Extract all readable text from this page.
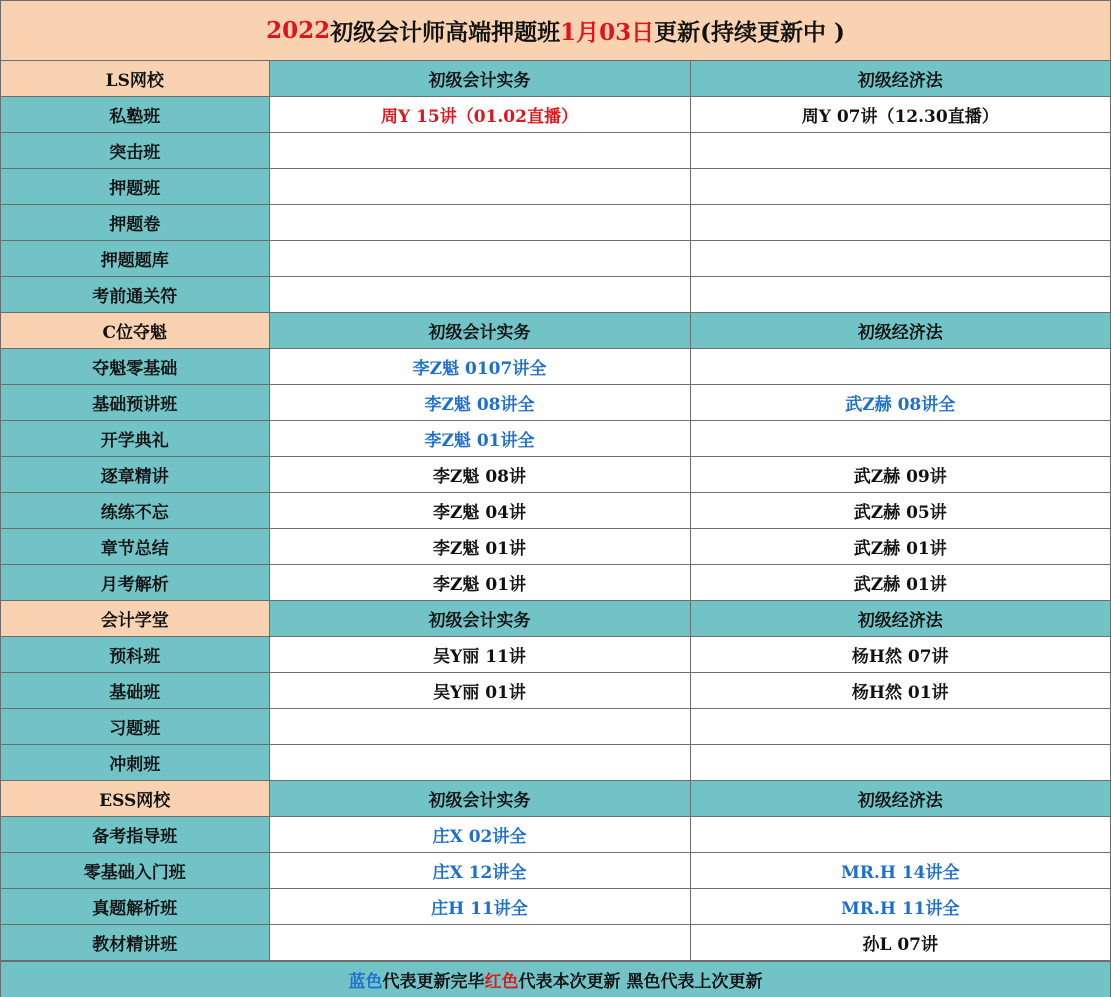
2022 初级会计师高端押题班 1月03日 更新(持续更新中 )
LS网校	初级会计实务	初级经济法
私塾班	周Y 15讲（01.02直播）	周Y 07讲（12.30直播）
突击班		
押题班		
押题卷		
押题题库		
考前通关符		
C位夺魁	初级会计实务	初级经济法
夺魁零基础	李Z魁 0107讲全	
基础预讲班	李Z魁 08讲全	武Z赫 08讲全
开学典礼	李Z魁 01讲全	
逐章精讲	李Z魁 08讲	武Z赫 09讲
练练不忘	李Z魁 04讲	武Z赫 05讲
章节总结	李Z魁 01讲	武Z赫 01讲
月考解析	李Z魁 01讲	武Z赫 01讲
会计学堂	初级会计实务	初级经济法
预科班	吴Y丽 11讲	杨H然 07讲
基础班	吴Y丽 01讲	杨H然 01讲
习题班		
冲刺班		
ESS网校	初级会计实务	初级经济法
备考指导班	庄X 02讲全	
零基础入门班	庄X 12讲全	MR.H 14讲全
真题解析班	庄H 11讲全	MR.H 11讲全
教材精讲班		孙L 07讲
蓝色 代表更新完毕 红色 代表本次更新 黑色代表上次更新
